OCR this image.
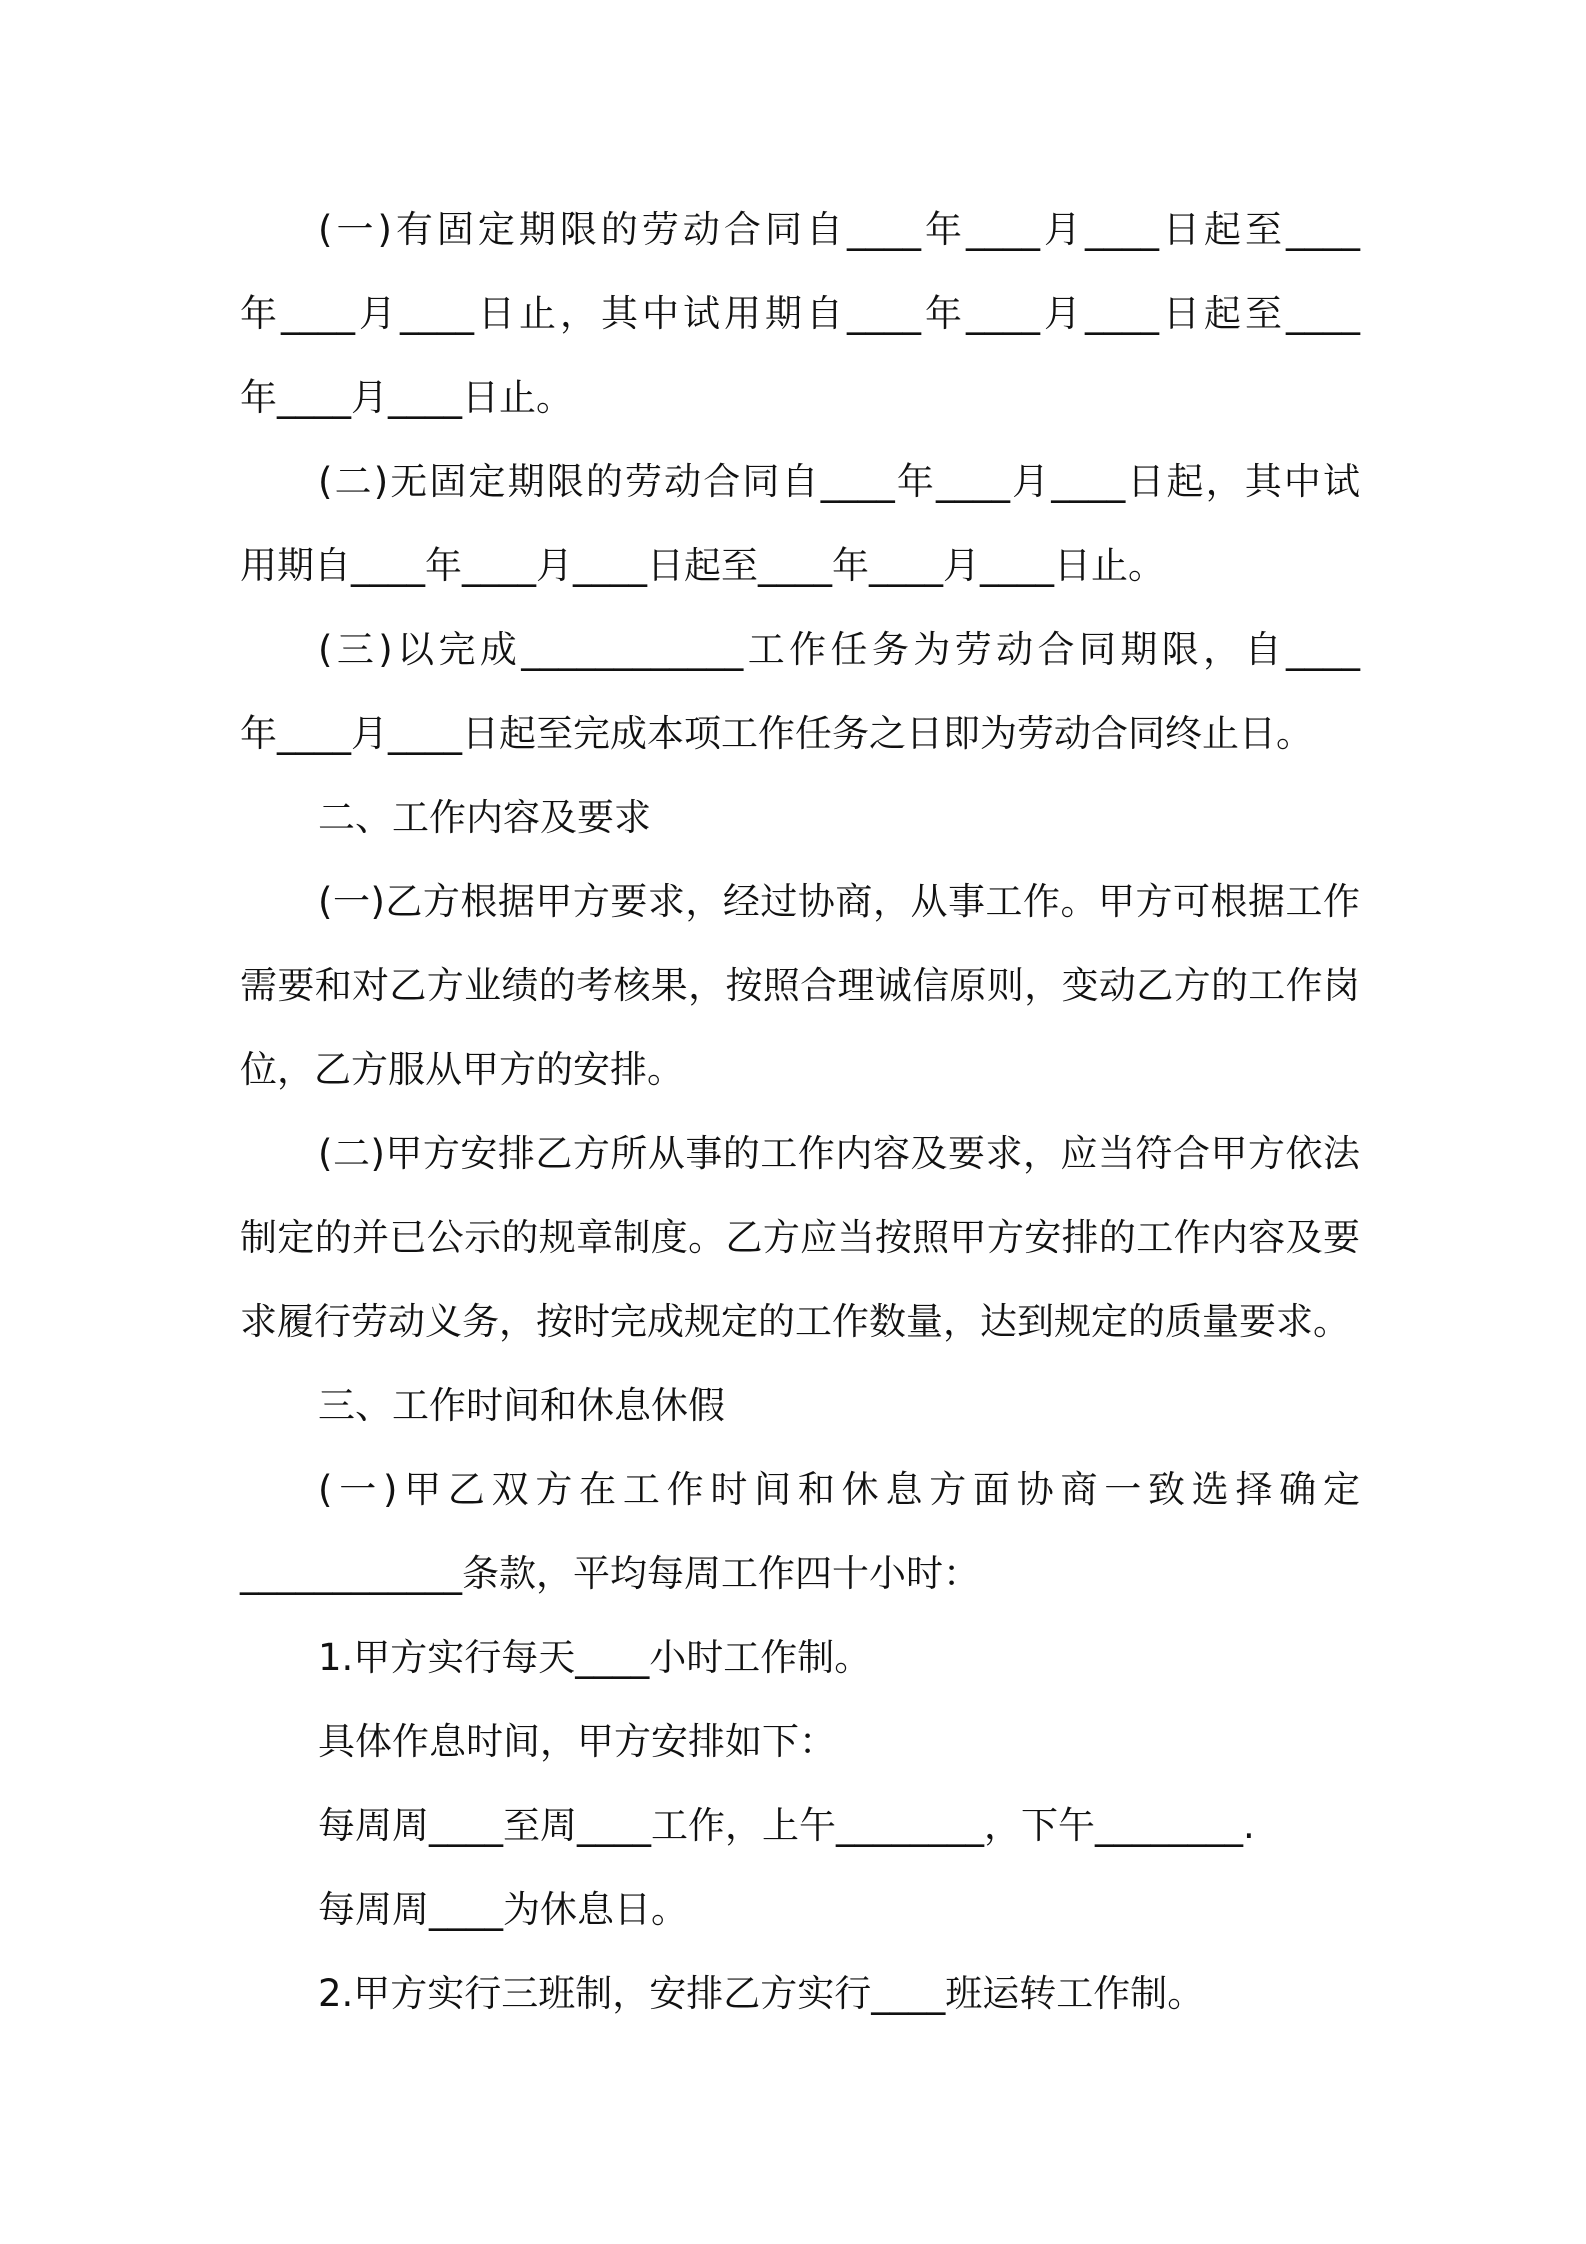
(一)有固定期限的劳动合同自____年____月____日起至____

年____月____日止，其中试用期自____年____月____日起至____

年____月____日止。

(二)无固定期限的劳动合同自____年____月____日起，其中试

用期自____年____月____日起至____年____月____日止。

(三)以完成____________工作任务为劳动合同期限，自____

年____月____日起至完成本项工作任务之日即为劳动合同终止日。

二、工作内容及要求

(一)乙方根据甲方要求，经过协商，从事工作。甲方可根据工作

需要和对乙方业绩的考核果，按照合理诚信原则，变动乙方的工作岗

位，乙方服从甲方的安排。

(二)甲方安排乙方所从事的工作内容及要求，应当符合甲方依法

制定的并已公示的规章制度。乙方应当按照甲方安排的工作内容及要

求履行劳动义务，按时完成规定的工作数量，达到规定的质量要求。

三、工作时间和休息休假

(一)甲乙双方在工作时间和休息方面协商一致选择确定

____________条款，平均每周工作四十小时：

1.甲方实行每天____小时工作制。

具体作息时间，甲方安排如下：

每周周____至周____工作，上午________，下午________.

每周周____为休息日。

2.甲方实行三班制，安排乙方实行____班运转工作制。
